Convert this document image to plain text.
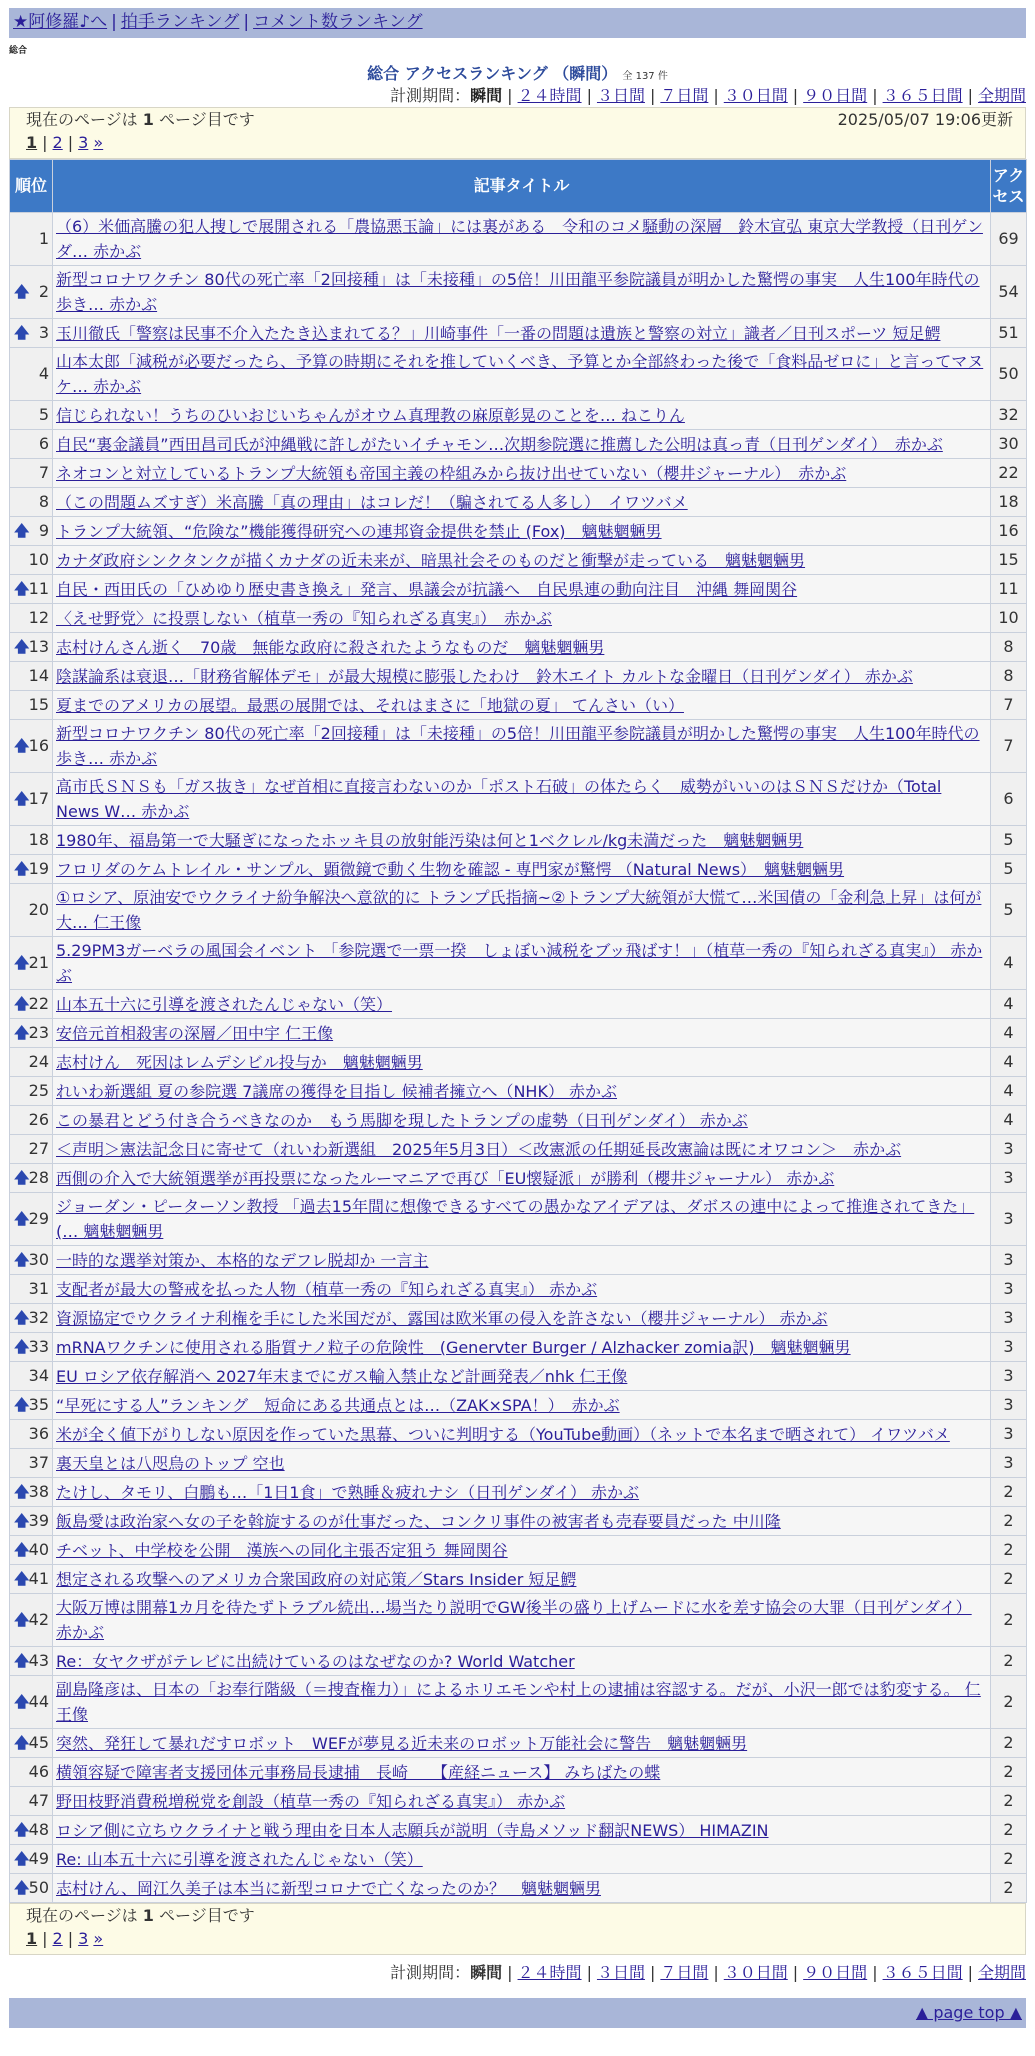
★阿修羅♪へ | 拍手ランキング | コメント数ランキング
総合
総合 アクセスランキング （瞬間） 全 137 件
計測期間：瞬間 | ２４時間 | ３日間 | ７日間 | ３０日間 | ９０日間 | ３６５日間 | 全期間
現在のページは 1 ページ目です	2025/05/07 19:06更新
1 | 2 | 3 »
順位	記事タイトル	アクセス
1	（6）米価高騰の犯人捜しで展開される「農協悪玉論」には裏がある　令和のコメ騒動の深層　鈴木宣弘 東京大学教授（日刊ゲンダ… 赤かぶ	69

🡅 2	新型コロナワクチン 80代の死亡率「2回接種」は「未接種」の5倍！川田龍平参院議員が明かした驚愕の事実　人生100年時代の歩き… 赤かぶ	54

🡅 3	玉川徹氏「警察は民事不介入たたき込まれてる？」川崎事件「一番の問題は遺族と警察の対立」識者／日刊スポーツ 短足鰐	51
4	山本太郎「減税が必要だったら、予算の時期にそれを推していくべき、予算とか全部終わった後で「食料品ゼロに」と言ってマヌケ… 赤かぶ	50
5	信じられない！うちのひいおじいちゃんがオウム真理教の麻原彰晃のことを… ねこりん	32
6	自民“裏金議員”西田昌司氏が沖縄戦に許しがたいイチャモン…次期参院選に推薦した公明は真っ青（日刊ゲンダイ）　赤かぶ	30
7	ネオコンと対立しているトランプ大統領も帝国主義の枠組みから抜け出せていない（櫻井ジャーナル）　赤かぶ	22
8	（この問題ムズすぎ）米高騰「真の理由」はコレだ！（騙されてる人多し）　イワツバメ	18

🡅 9	トランプ大統領、“危険な”機能獲得研究への連邦資金提供を禁止 (Fox)　魑魅魍魎男	16
10	カナダ政府シンクタンクが描くカナダの近未来が、暗黒社会そのものだと衝撃が走っている　魑魅魍魎男	15

🡅 11	自民・西田氏の「ひめゆり歴史書き換え」発言、県議会が抗議へ　自民県連の動向注目　沖縄 舞岡関谷	11
12	〈えせ野党〉に投票しない（植草一秀の『知られざる真実』）　赤かぶ	10

🡅 13	志村けんさん逝く　70歳　無能な政府に殺されたようなものだ　魑魅魍魎男	8
14	陰謀論系は衰退…「財務省解体デモ」が最大規模に膨張したわけ　鈴木エイト カルトな金曜日（日刊ゲンダイ） 赤かぶ	8
15	夏までのアメリカの展望。最悪の展開では、それはまさに「地獄の夏」 てんさい（い）	7

🡅 16	新型コロナワクチン 80代の死亡率「2回接種」は「未接種」の5倍！川田龍平参院議員が明かした驚愕の事実　人生100年時代の歩き… 赤かぶ	7

🡅 17	高市氏ＳＮＳも「ガス抜き」なぜ首相に直接言わないのか「ポスト石破」の体たらく　威勢がいいのはＳＮＳだけか（Total News W… 赤かぶ	6
18	1980年、福島第一で大騒ぎになったホッキ貝の放射能汚染は何と1ベクレル/kg未満だった　魑魅魍魎男	5

🡅 19	フロリダのケムトレイル・サンプル、顕微鏡で動く生物を確認 - 専門家が驚愕 （Natural News）　魑魅魍魎男	5
20	①ロシア、原油安でウクライナ紛争解決へ意欲的に トランプ氏指摘~②トランプ大統領が大慌て…米国債の「金利急上昇」は何が大… 仁王像	5

🡅 21	5.29PM3ガーベラの風国会イベント 「参院選で一票一揆　しょぼい減税をブッ飛ばす！」（植草一秀の『知られざる真実』） 赤かぶ	4

🡅 22	山本五十六に引導を渡されたんじゃない（笑）	4

🡅 23	安倍元首相殺害の深層／田中宇 仁王像	4
24	志村けん　死因はレムデシビル投与か　魑魅魍魎男	4
25	れいわ新選組 夏の参院選 7議席の獲得を目指し 候補者擁立へ（NHK） 赤かぶ	4
26	この暴君とどう付き合うべきなのか　もう馬脚を現したトランプの虚勢（日刊ゲンダイ） 赤かぶ	4
27	＜声明＞憲法記念日に寄せて（れいわ新選組　2025年5月3日）＜改憲派の任期延長改憲論は既にオワコン＞　赤かぶ	3

🡅 28	西側の介入で大統領選挙が再投票になったルーマニアで再び「EU懐疑派」が勝利（櫻井ジャーナル） 赤かぶ	3

🡅 29	ジョーダン・ピーターソン教授 「過去15年間に想像できるすべての愚かなアイデアは、ダボスの連中によって推進されてきた」(… 魑魅魍魎男	3

🡅 30	一時的な選挙対策か、本格的なデフレ脱却か 一言主	3
31	支配者が最大の警戒を払った人物（植草一秀の『知られざる真実』） 赤かぶ	3

🡅 32	資源協定でウクライナ利権を手にした米国だが、露国は欧米軍の侵入を許さない（櫻井ジャーナル） 赤かぶ	3

🡅 33	mRNAワクチンに使用される脂質ナノ粒子の危険性　(Genervter Burger / Alzhacker zomia訳)　魑魅魍魎男	3
34	EU ロシア依存解消へ 2027年末までにガス輸入禁止など計画発表／nhk 仁王像	3

🡅 35	“早死にする人”ランキング　短命にある共通点とは…（ZAK×SPA！）　赤かぶ	3
36	米が全く値下がりしない原因を作っていた黒幕、ついに判明する（YouTube動画）（ネットで本名まで晒されて） イワツバメ	3
37	裏天皇とは八咫烏のトップ 空也	3

🡅 38	たけし、タモリ、白鵬も…「1日1食」で熟睡＆疲れナシ（日刊ゲンダイ） 赤かぶ	2

🡅 39	飯島愛は政治家へ女の子を斡旋するのが仕事だった、コンクリ事件の被害者も売春要員だった 中川隆	2

🡅 40	チベット、中学校を公開　漢族への同化主張否定狙う 舞岡関谷	2

🡅 41	想定される攻撃へのアメリカ合衆国政府の対応策／Stars Insider 短足鰐	2

🡅 42	大阪万博は開幕1カ月を待たずトラブル続出…場当たり説明でGW後半の盛り上げムードに水を差す協会の大罪（日刊ゲンダイ） 赤かぶ	2

🡅 43	Re：女ヤクザがテレビに出続けているのはなぜなのか? World Watcher	2

🡅 44	副島隆彦は、日本の「お奉行階級（＝捜査権力）」によるホリエモンや村上の逮捕は容認する。だが、小沢一郎では豹変する。 仁王像	2

🡅 45	突然、発狂して暴れだすロボット　WEFが夢見る近未来のロボット万能社会に警告　魑魅魍魎男	2
46	横領容疑で障害者支援団体元事務局長逮捕　長崎　　【産経ニュース】 みちばたの蝶	2
47	野田枝野消費税増税党を創設（植草一秀の『知られざる真実』） 赤かぶ	2

🡅 48	ロシア側に立ちウクライナと戦う理由を日本人志願兵が説明（寺島メソッド翻訳NEWS） HIMAZIN	2

🡅 49	Re: 山本五十六に引導を渡されたんじゃない（笑）	2

🡅 50	志村けん、岡江久美子は本当に新型コロナで亡くなったのか？　魑魅魍魎男	2
現在のページは 1 ページ目です
1 | 2 | 3 »
計測期間：瞬間 | ２４時間 | ３日間 | ７日間 | ３０日間 | ９０日間 | ３６５日間 | 全期間
▲ page top ▲
